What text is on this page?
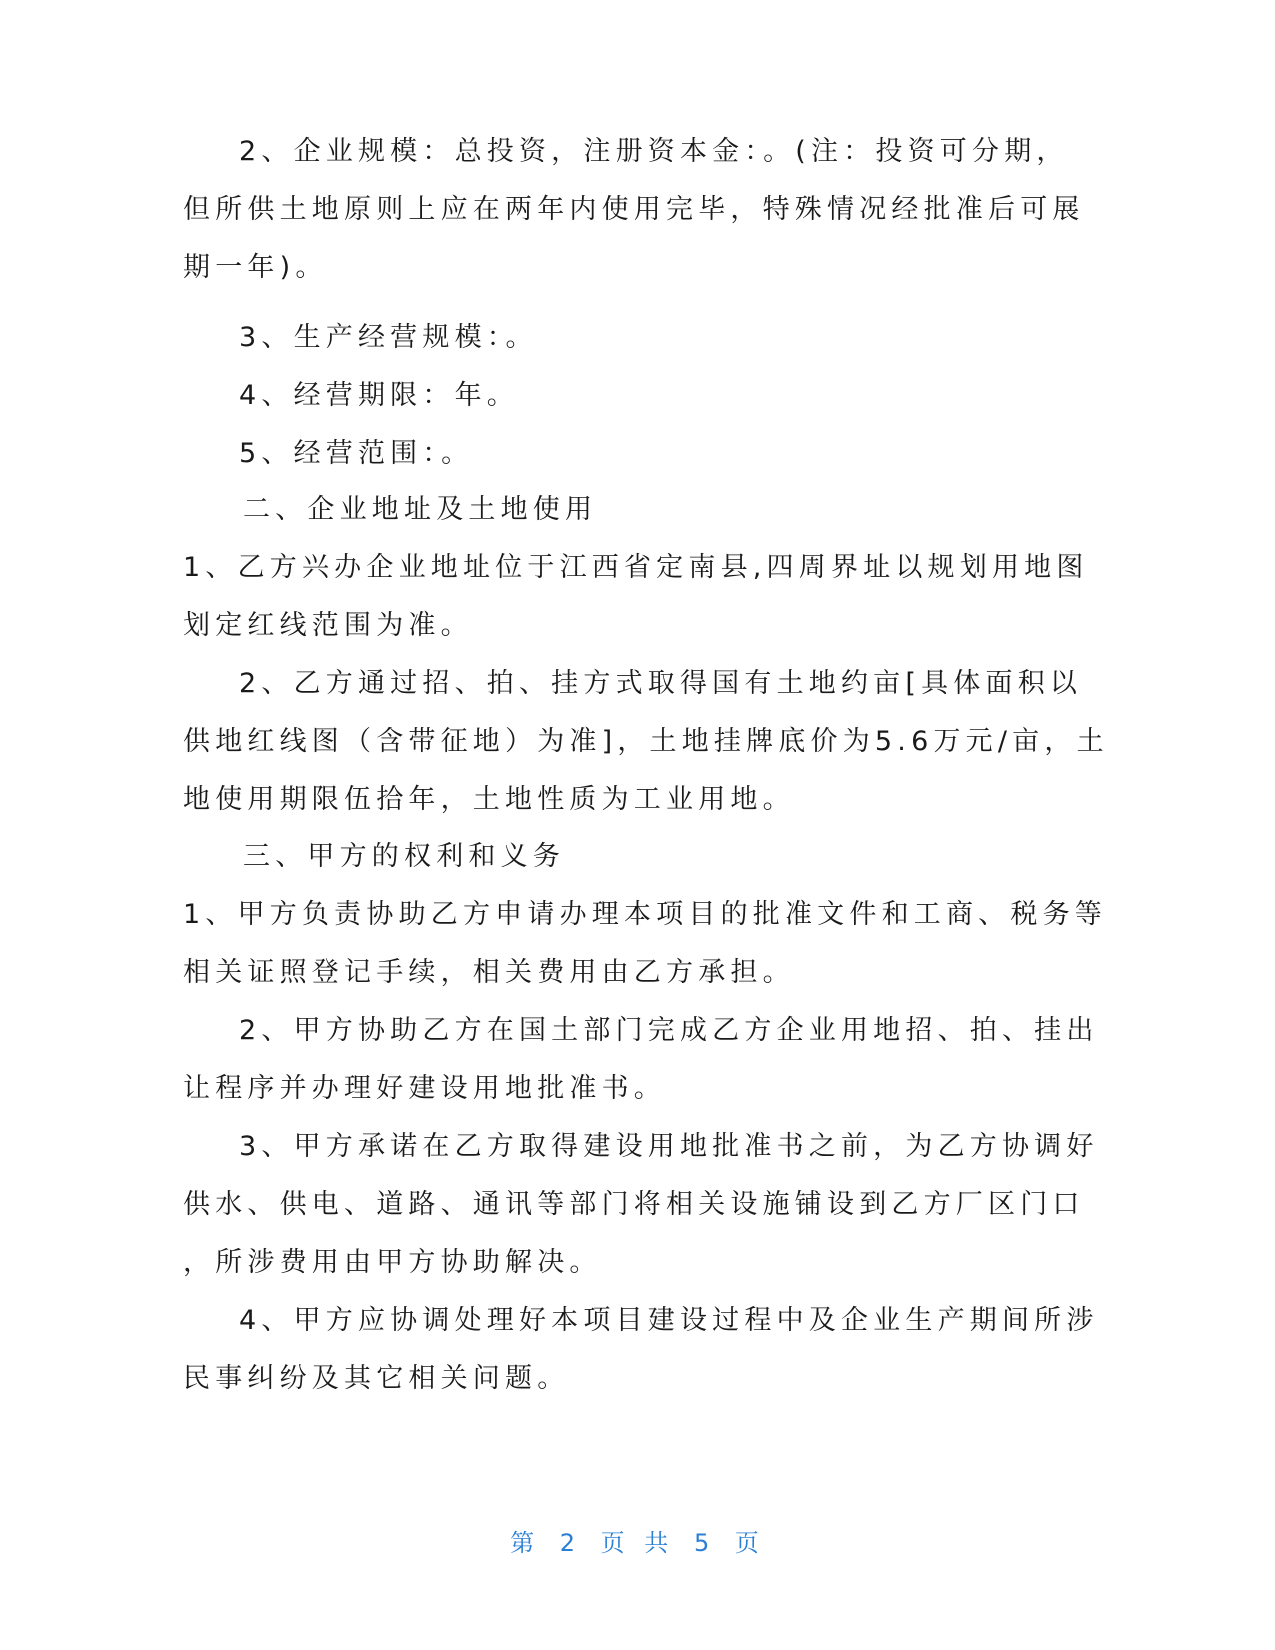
2、企业规模：总投资，注册资本金：。(注：投资可分期，
但所供土地原则上应在两年内使用完毕，特殊情况经批准后可展
期一年)。
3、生产经营规模：。
4、经营期限：年。
5、经营范围：。
二、企业地址及土地使用
1、乙方兴办企业地址位于江西省定南县,四周界址以规划用地图
划定红线范围为准。
2、乙方通过招、拍、挂方式取得国有土地约亩[具体面积以
供地红线图（含带征地）为准]，土地挂牌底价为5.6万元/亩，土
地使用期限伍拾年，土地性质为工业用地。
三、甲方的权利和义务
1、甲方负责协助乙方申请办理本项目的批准文件和工商、税务等
相关证照登记手续，相关费用由乙方承担。
2、甲方协助乙方在国土部门完成乙方企业用地招、拍、挂出
让程序并办理好建设用地批准书。
3、甲方承诺在乙方取得建设用地批准书之前，为乙方协调好
供水、供电、道路、通讯等部门将相关设施铺设到乙方厂区门口
，所涉费用由甲方协助解决。
4、甲方应协调处理好本项目建设过程中及企业生产期间所涉
民事纠纷及其它相关问题。
第 2 页 共 5 页
